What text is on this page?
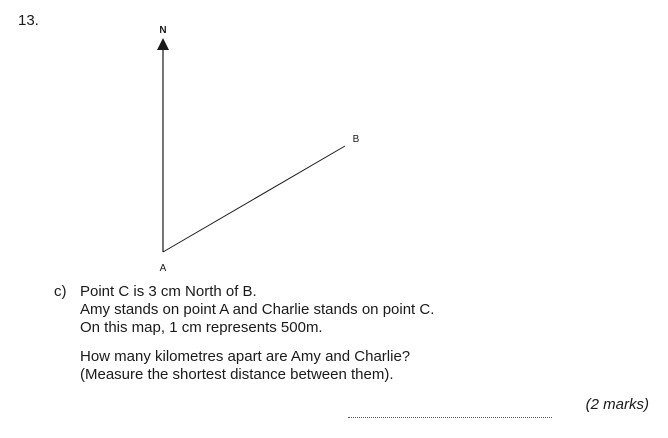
13.
N
B
A
c) Point C is 3 cm North of B.
Amy stands on point A and Charlie stands on point C.
On this map, 1 cm represents 500m.
How many kilometres apart are Amy and Charlie?
(Measure the shortest distance between them).
(2 marks)
